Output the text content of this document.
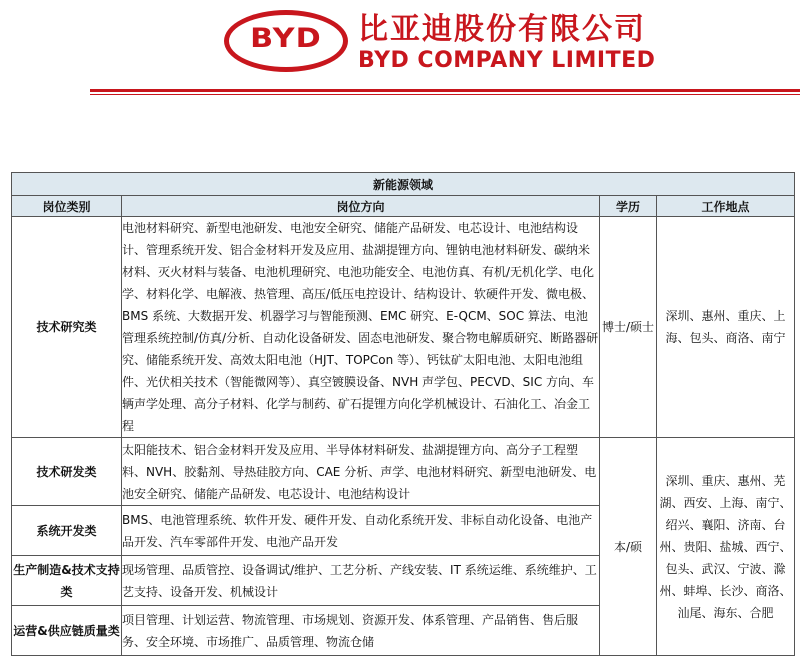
BYD	比亚迪股份有限公司
BYD COMPANY LIMITED
新能源领域			
岗位类别	岗位方向	学历	工作地点
技术研究类	电池材料研究、新型电池研发、电池安全研究、储能产品研发、电芯设计、电池结构设计、管理系统开发、铝合金材料开发及应用、盐湖提锂方向、锂钠电池材料研发、碳纳米材料、灭火材料与装备、电池机理研究、电池功能安全、电池仿真、有机/无机化学、电化学、材料化学、电解液、热管理、高压/低压电控设计、结构设计、软硬件开发、微电极、BMS 系统、大数据开发、机器学习与智能预测、EMC 研究、E-QCM、SOC 算法、电池管理系统控制/仿真/分析、自动化设备研发、固态电池研发、聚合物电解质研究、断路器研究、储能系统开发、高效太阳电池（HJT、TOPCon 等）、钙钛矿太阳电池、太阳电池组件、光伏相关技术（智能微网等）、真空镀膜设备、NVH 声学包、PECVD、SIC 方向、车辆声学处理、高分子材料、化学与制药、矿石提锂方向化学机械设计、石油化工、冶金工程	博士/硕士	深圳、惠州、重庆、上海、包头、商洛、南宁
技术研发类	太阳能技术、铝合金材料开发及应用、半导体材料研发、盐湖提锂方向、高分子工程塑料、NVH、胶黏剂、导热硅胶方向、CAE 分析、声学、电池材料研究、新型电池研发、电池安全研究、储能产品研发、电芯设计、电池结构设计	本/硕	深圳、重庆、惠州、芜湖、西安、上海、南宁、绍兴、襄阳、济南、台州、贵阳、盐城、西宁、包头、武汉、宁波、滁州、蚌埠、长沙、商洛、汕尾、海东、合肥
系统开发类	BMS、电池管理系统、软件开发、硬件开发、自动化系统开发、非标自动化设备、电池产品开发、汽车零部件开发、电池产品开发		
生产制造&技术支持类	现场管理、品质管控、设备调试/维护、工艺分析、产线安装、IT 系统运维、系统维护、工艺支持、设备开发、机械设计		
运营&供应链质量类	项目管理、计划运营、物流管理、市场规划、资源开发、体系管理、产品销售、售后服务、安全环境、市场推广、品质管理、物流仓储		
